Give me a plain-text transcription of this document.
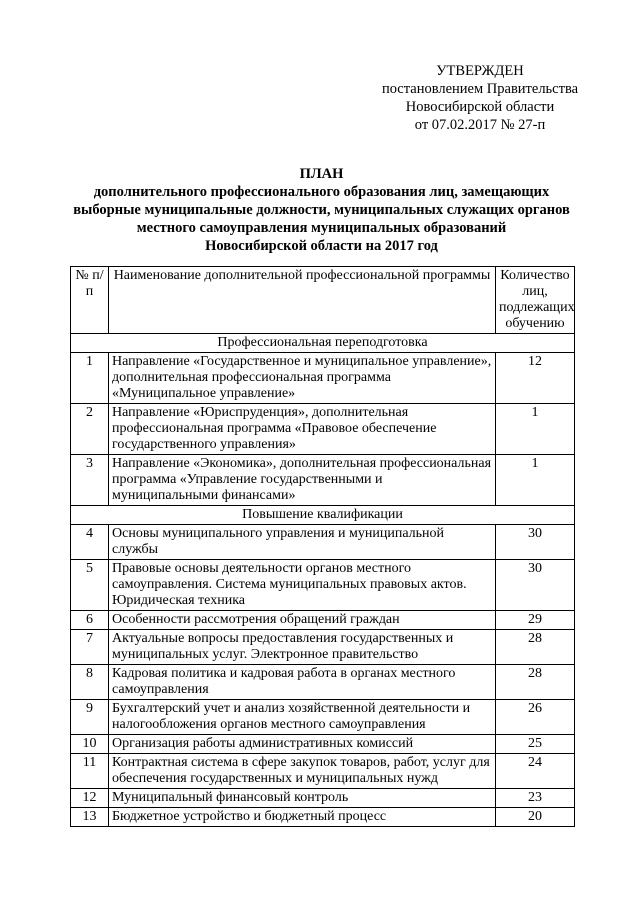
УТВЕРЖДЕН
постановлением Правительства
Новосибирской области
от 07.02.2017 № 27-п
ПЛАН
дополнительного профессионального образования лиц, замещающих
выборные муниципальные должности, муниципальных служащих органов
местного самоуправления муниципальных образований
Новосибирской области на 2017 год
№ п/п	Наименование дополнительной профессиональной программы	Количество лиц, подлежащих обучению
Профессиональная переподготовка		
1	Направление «Государственное и муниципальное управление», дополнительная профессиональная программа «Муниципальное управление»	12
2	Направление «Юриспруденция», дополнительная профессиональная программа «Правовое обеспечение государственного управления»	1
3	Направление «Экономика», дополнительная профессиональная программа «Управление государственными и муниципальными финансами»	1
Повышение квалификации		
4	Основы муниципального управления и муниципальной службы	30
5	Правовые основы деятельности органов местного самоуправления. Система муниципальных правовых актов. Юридическая техника	30
6	Особенности рассмотрения обращений граждан	29
7	Актуальные вопросы предоставления государственных и муниципальных услуг. Электронное правительство	28
8	Кадровая политика и кадровая работа в органах местного самоуправления	28
9	Бухгалтерский учет и анализ хозяйственной деятельности и налогообложения органов местного самоуправления	26
10	Организация работы административных комиссий	25
11	Контрактная система в сфере закупок товаров, работ, услуг для обеспечения государственных и муниципальных нужд	24
12	Муниципальный финансовый контроль	23
13	Бюджетное устройство и бюджетный процесс	20
